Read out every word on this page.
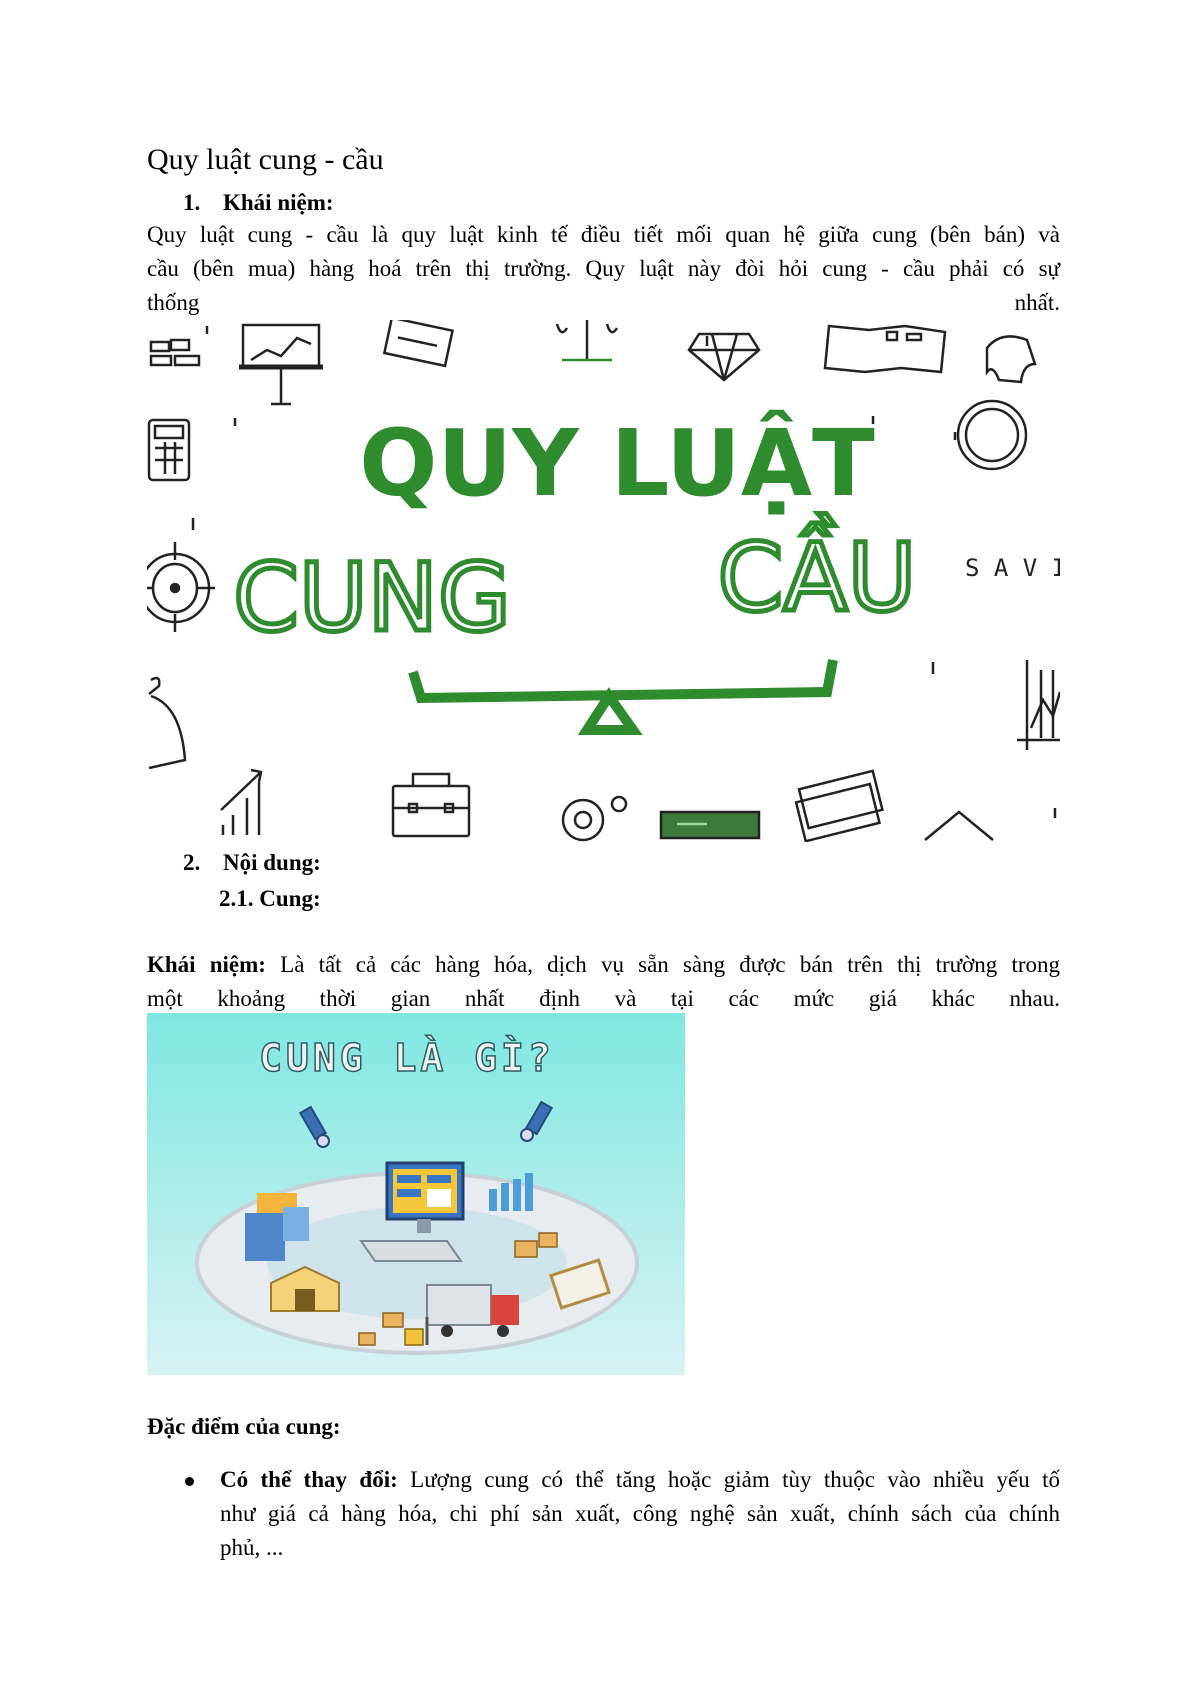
Quy luật cung - cầu
1. Khái niệm:

Quy luật cung - cầu là quy luật kinh tế điều tiết mối quan hệ giữa cung (bên bán) và

cầu (bên mua) hàng hoá trên thị trường. Quy luật này đòi hỏi cung - cầu phải có sự

thống	nhất.

QUY LUẬT
CUNG CẦU S A V I
2. Nội dung:
2.1. Cung:

Khái niệm: Là tất cả các hàng hóa, dịch vụ sẵn sàng được bán trên thị trường trong

một khoảng thời gian nhất định và tại các mức giá khác nhau.

CUNG LÀ GÌ?

Đặc điểm của cung:

Có thể thay đổi: Lượng cung có thể tăng hoặc giảm tùy thuộc vào nhiều yếu tố

như giá cả hàng hóa, chi phí sản xuất, công nghệ sản xuất, chính sách của chính

phủ, ...
